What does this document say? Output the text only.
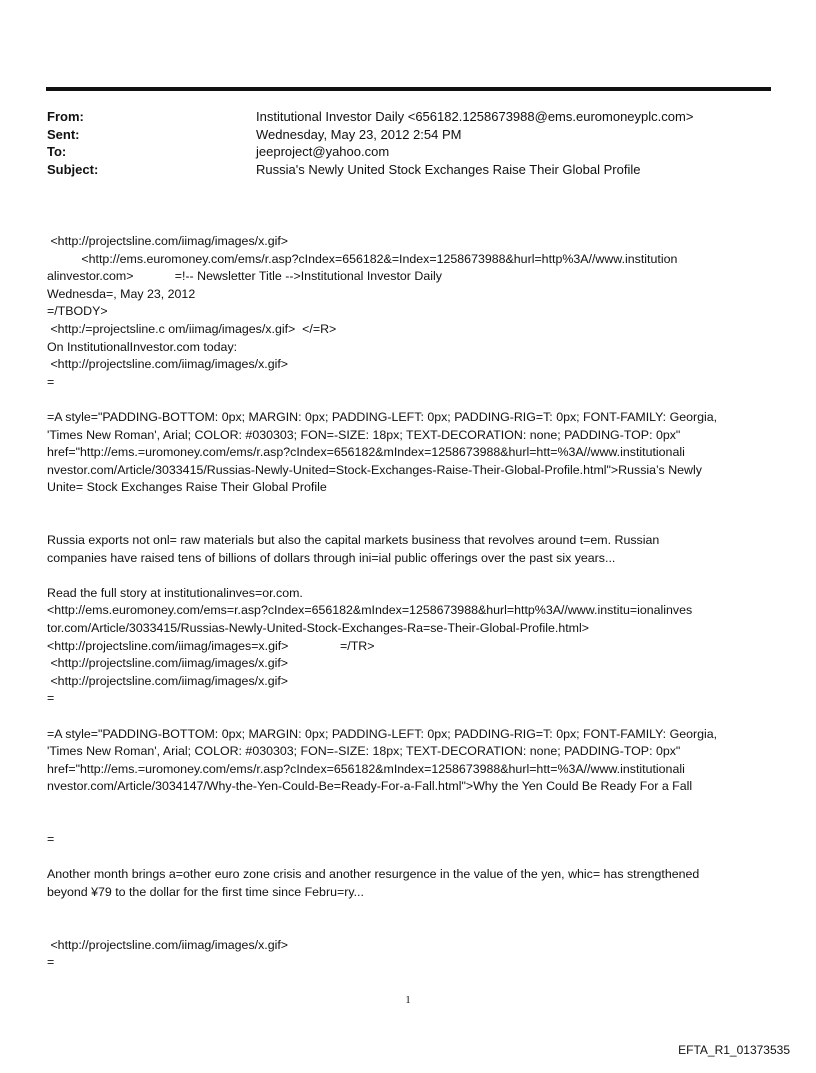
From:	Institutional Investor Daily <656182.1258673988@ems.euromoneyplc.com>
Sent:	Wednesday, May 23, 2012 2:54 PM
To:	jeeproject@yahoo.com
Subject:	Russia's Newly United Stock Exchanges Raise Their Global Profile
<http://projectsline.com/iimag/images/x.gif>
<http://ems.euromoney.com/ems/r.asp?cIndex=656182&=Index=1258673988&hurl=http%3A//www.institution
alinvestor.com>            =!-- Newsletter Title -->Institutional Investor Daily
Wednesda=, May 23, 2012
=/TBODY>
<http:/=projectsline.c om/iimag/images/x.gif>  </=R>
On InstitutionalInvestor.com today:
<http://projectsline.com/iimag/images/x.gif>
=
=A style="PADDING-BOTTOM: 0px; MARGIN: 0px; PADDING-LEFT: 0px; PADDING-RIG=T: 0px; FONT-FAMILY: Georgia,
'Times New Roman', Arial; COLOR: #030303; FON=-SIZE: 18px; TEXT-DECORATION: none; PADDING-TOP: 0px"
href="http://ems.=uromoney.com/ems/r.asp?cIndex=656182&mIndex=1258673988&hurl=htt=%3A//www.institutionali
nvestor.com/Article/3033415/Russias-Newly-United=Stock-Exchanges-Raise-Their-Global-Profile.html">Russia’s Newly
Unite= Stock Exchanges Raise Their Global Profile
Russia exports not onl= raw materials but also the capital markets business that revolves around t=em. Russian
companies have raised tens of billions of dollars through ini=ial public offerings over the past six years...
Read the full story at institutionalinves=or.com.
<http://ems.euromoney.com/ems=r.asp?cIndex=656182&mIndex=1258673988&hurl=http%3A//www.institu=ionalinves
tor.com/Article/3033415/Russias-Newly-United-Stock-Exchanges-Ra=se-Their-Global-Profile.html>
<http://projectsline.com/iimag/images=x.gif>               =/TR>
<http://projectsline.com/iimag/images/x.gif>
<http://projectsline.com/iimag/images/x.gif>
=
=A style="PADDING-BOTTOM: 0px; MARGIN: 0px; PADDING-LEFT: 0px; PADDING-RIG=T: 0px; FONT-FAMILY: Georgia,
'Times New Roman', Arial; COLOR: #030303; FON=-SIZE: 18px; TEXT-DECORATION: none; PADDING-TOP: 0px"
href="http://ems.=uromoney.com/ems/r.asp?cIndex=656182&mIndex=1258673988&hurl=htt=%3A//www.institutionali
nvestor.com/Article/3034147/Why-the-Yen-Could-Be=Ready-For-a-Fall.html">Why the Yen Could Be Ready For a Fall
=
Another month brings a=other euro zone crisis and another resurgence in the value of the yen, whic= has strengthened
beyond ¥79 to the dollar for the first time since Febru=ry...
<http://projectsline.com/iimag/images/x.gif>
=
1
EFTA_R1_01373535
